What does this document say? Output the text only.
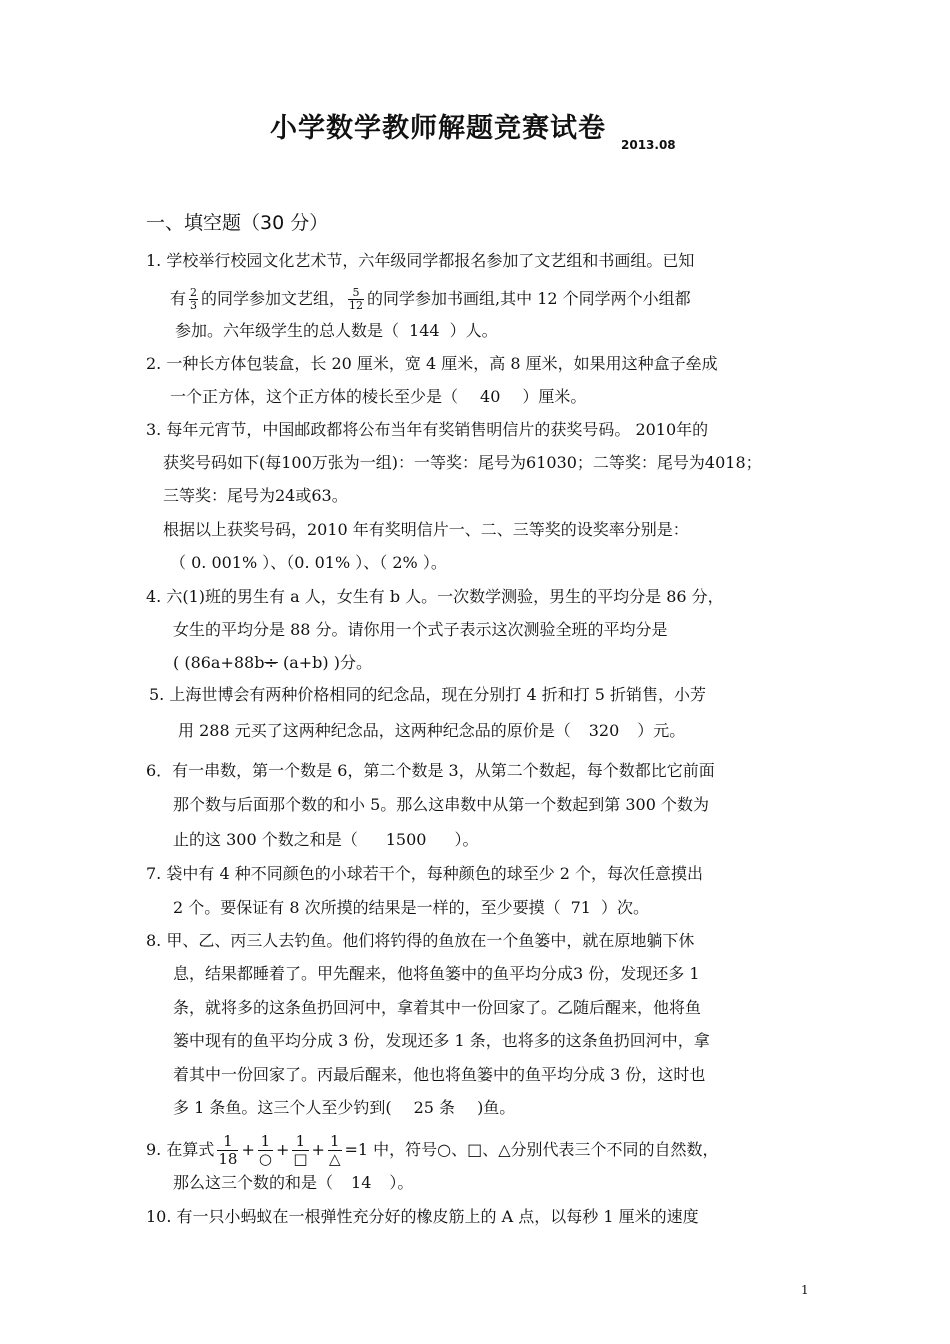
小学数学教师解题竞赛试卷
2013.08
一、填空题（30 分）
1. 学校举行校园文化艺术节，六年级同学都报名参加了文艺组和书画组。已知
有 $\frac{2}{3}$ 的同学参加文艺组， $\frac{5}{12}$ 的同学参加书画组,其中 12 个同学两个小组都
参加。六年级学生的总人数是（ 144 ）人。
2. 一种长方体包装盒，长 20 厘米，宽 4 厘米，高 8 厘米，如果用这种盒子垒成
一个正方体，这个正方体的棱长至少是（ 40 ）厘米。
3. 每年元宵节，中国邮政都将公布当年有奖销售明信片的获奖号码。 2010年的
获奖号码如下(每100万张为一组)：一等奖：尾号为61030；二等奖：尾号为4018；
三等奖：尾号为24或63。
根据以上获奖号码，2010 年有奖明信片一、二、三等奖的设奖率分别是：
（ 0. 001% ）、（0. 01% ）、（ 2% ）。
4. 六(1)班的男生有 a 人，女生有 b 人。一次数学测验，男生的平均分是 86 分，
女生的平均分是 88 分。请你用一个式子表示这次测验全班的平均分是
( (86a+88b÷ (a+b) )分。
5. 上海世博会有两种价格相同的纪念品，现在分别打 4 折和打 5 折销售，小芳
用 288 元买了这两种纪念品，这两种纪念品的原价是（ 320 ）元。
6．有一串数，第一个数是 6，第二个数是 3，从第二个数起，每个数都比它前面
那个数与后面那个数的和小 5。那么这串数中从第一个数起到第 300 个数为
止的这 300 个数之和是（ 1500 ）。
7. 袋中有 4 种不同颜色的小球若干个，每种颜色的球至少 2 个，每次任意摸出
2 个。要保证有 8 次所摸的结果是一样的，至少要摸（ 71 ）次。
8. 甲、乙、丙三人去钓鱼。他们将钓得的鱼放在一个鱼篓中，就在原地躺下休
息，结果都睡着了。甲先醒来，他将鱼篓中的鱼平均分成3 份，发现还多 1
条，就将多的这条鱼扔回河中，拿着其中一份回家了。乙随后醒来，他将鱼
篓中现有的鱼平均分成 3 份，发现还多 1 条，也将多的这条鱼扔回河中，拿
着其中一份回家了。丙最后醒来，他也将鱼篓中的鱼平均分成 3 份，这时也
多 1 条鱼。这三个人至少钓到( 25 条 )鱼。
9. 在算式 $\frac{1}{18} + \frac{1}{○} + \frac{1}{□} + \frac{1}{\triangle} =1$ 中，符号○、□、△分别代表三个不同的自然数，
那么这三个数的和是（ 14 ）。
10. 有一只小蚂蚁在一根弹性充分好的橡皮筋上的 A 点，以每秒 1 厘米的速度
1
